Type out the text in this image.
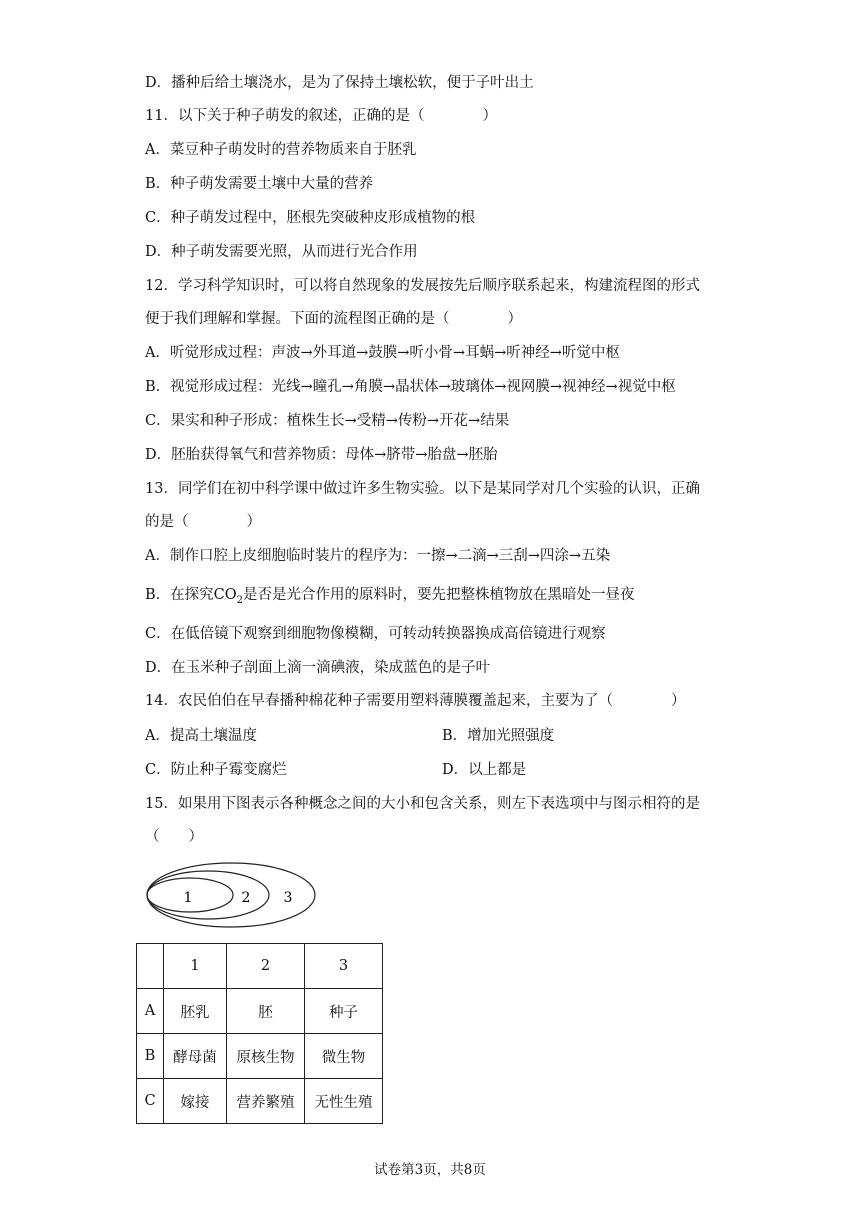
D．播种后给土壤浇水，是为了保持土壤松软，便于子叶出土
11．以下关于种子萌发的叙述，正确的是（　　　　）
A．菜豆种子萌发时的营养物质来自于胚乳
B．种子萌发需要土壤中大量的营养
C．种子萌发过程中，胚根先突破种皮形成植物的根
D．种子萌发需要光照，从而进行光合作用
12．学习科学知识时，可以将自然现象的发展按先后顺序联系起来，构建流程图的形式
便于我们理解和掌握。下面的流程图正确的是（　　　　）
A．听觉形成过程：声波→外耳道→鼓膜→听小骨→耳蜗→听神经→听觉中枢
B．视觉形成过程：光线→瞳孔→角膜→晶状体→玻璃体→视网膜→视神经→视觉中枢
C．果实和种子形成：植株生长→受精→传粉→开花→结果
D．胚胎获得氧气和营养物质：母体→脐带→胎盘→胚胎
13．同学们在初中科学课中做过许多生物实验。以下是某同学对几个实验的认识，正确
的是（　　　　）
A．制作口腔上皮细胞临时装片的程序为：一擦→二滴→三刮→四涂→五染
B．在探究$CO_2$是否是光合作用的原料时，要先把整株植物放在黑暗处一昼夜
C．在低倍镜下观察到细胞物像模糊，可转动转换器换成高倍镜进行观察
D．在玉米种子剖面上滴一滴碘液，染成蓝色的是子叶
14．农民伯伯在早春播种棉花种子需要用塑料薄膜覆盖起来，主要为了（　　　　）
A．提高土壤温度	B．增加光照强度
C．防止种子霉变腐烂	D．以上都是
15．如果用下图表示各种概念之间的大小和包含关系，则左下表选项中与图示相符的是
（　　）
1	2 3
	1	2	3
A	胚乳	胚	种子
B	酵母菌	原核生物	微生物
C	嫁接	营养繁殖	无性生殖
试卷第3页，共8页
